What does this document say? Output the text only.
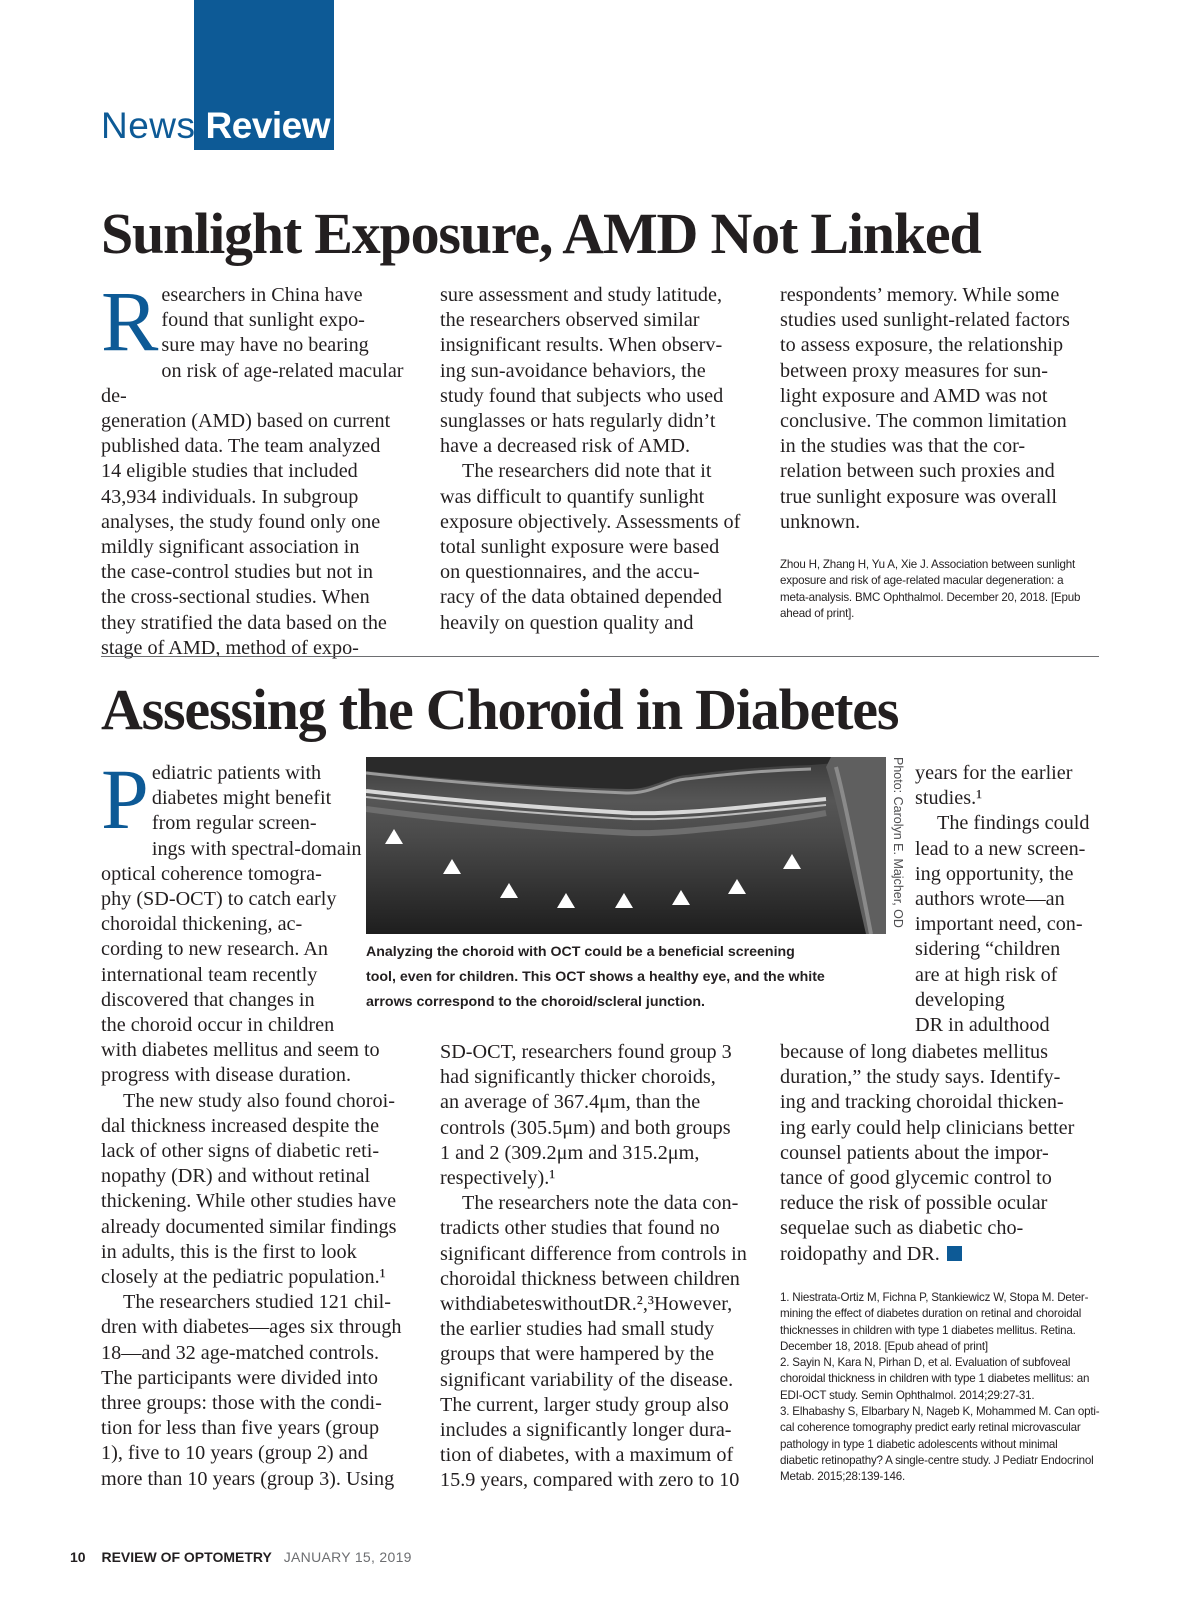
News Review
Sunlight Exposure, AMD Not Linked
R esearchers in China have
found that sunlight expo-
sure may have no bearing
on risk of age-related macular de-
generation (AMD) based on current
published data. The team analyzed
14 eligible studies that included
43,934 individuals. In subgroup
analyses, the study found only one
mildly significant association in
the case-control studies but not in
the cross-sectional studies. When
they stratified the data based on the
stage of AMD, method of expo-

sure assessment and study latitude,
the researchers observed similar
insignificant results. When observ-
ing sun-avoidance behaviors, the
study found that subjects who used
sunglasses or hats regularly didn’t
have a decreased risk of AMD.

The researchers did note that it
was difficult to quantify sunlight
exposure objectively. Assessments of
total sunlight exposure were based
on questionnaires, and the accu-
racy of the data obtained depended
heavily on question quality and

respondents’ memory. While some
studies used sunlight-related factors
to assess exposure, the relationship
between proxy measures for sun-
light exposure and AMD was not
conclusive. The common limitation
in the studies was that the cor-
relation between such proxies and
true sunlight exposure was overall
unknown.

Zhou H, Zhang H, Yu A, Xie J. Association between sunlight
exposure and risk of age-related macular degeneration: a
meta-analysis. BMC Ophthalmol. December 20, 2018. [Epub
ahead of print].
Assessing the Choroid in Diabetes
P ediatric patients with
diabetes might benefit
from regular screen-
ings with spectral-domain
optical coherence tomogra-
phy (SD-OCT) to catch early
choroidal thickening, ac-
cording to new research. An
international team recently
discovered that changes in
the choroid occur in children
with diabetes mellitus and seem to
progress with disease duration.

The new study also found choroi-
dal thickness increased despite the
lack of other signs of diabetic reti-
nopathy (DR) and without retinal
thickening. While other studies have
already documented similar findings
in adults, this is the first to look
closely at the pediatric population.¹

The researchers studied 121 chil-
dren with diabetes—ages six through
18—and 32 age-matched controls.
The participants were divided into
three groups: those with the condi-
tion for less than five years (group
1), five to 10 years (group 2) and
more than 10 years (group 3). Using

Photo: Carolyn E. Majcher, OD
Analyzing the choroid with OCT could be a beneficial screening
tool, even for children. This OCT shows a healthy eye, and the white
arrows correspond to the choroid/scleral junction.

SD-OCT, researchers found group 3
had significantly thicker choroids,
an average of 367.4μm, than the
controls (305.5μm) and both groups
1 and 2 (309.2μm and 315.2μm,
respectively).¹

The researchers note the data con-
tradicts other studies that found no
significant difference from controls in
choroidal thickness between children
withdiabeteswithoutDR.²,³However,
the earlier studies had small study
groups that were hampered by the
significant variability of the disease.
The current, larger study group also
includes a significantly longer dura-
tion of diabetes, with a maximum of
15.9 years, compared with zero to 10

years for the earlier
studies.¹

The findings could
lead to a new screen-
ing opportunity, the
authors wrote—an
important need, con-
sidering “children
are at high risk of
developing
DR in adulthood

because of long diabetes mellitus
duration,” the study says. Identify-
ing and tracking choroidal thicken-
ing early could help clinicians better
counsel patients about the impor-
tance of good glycemic control to
reduce the risk of possible ocular
sequelae such as diabetic cho-
roidopathy and DR.

1. Niestrata-Ortiz M, Fichna P, Stankiewicz W, Stopa M. Deter-
mining the effect of diabetes duration on retinal and choroidal
thicknesses in children with type 1 diabetes mellitus. Retina.
December 18, 2018. [Epub ahead of print]
2. Sayin N, Kara N, Pirhan D, et al. Evaluation of subfoveal
choroidal thickness in children with type 1 diabetes mellitus: an
EDI-OCT study. Semin Ophthalmol. 2014;29:27-31.
3. Elhabashy S, Elbarbary N, Nageb K, Mohammed M. Can opti-
cal coherence tomography predict early retinal microvascular
pathology in type 1 diabetic adolescents without minimal
diabetic retinopathy? A single-centre study. J Pediatr Endocrinol
Metab. 2015;28:139-146.
10 REVIEW OF OPTOMETRY JANUARY 15, 2019
